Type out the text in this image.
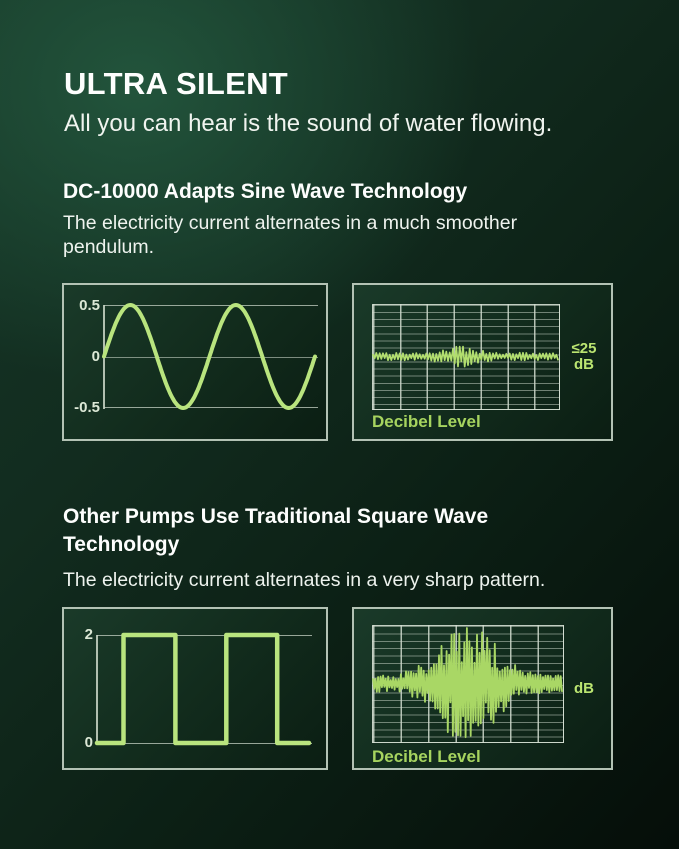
ULTRA SILENT

All you can hear is the sound of water flowing.

DC-10000 Adapts Sine Wave Technology

The electricity current alternates in a much smoother pendulum.

0.5
0
-0.5
≤25
dB
Decibel Level
Other Pumps Use Traditional Square Wave Technology

The electricity current alternates in a very sharp pattern.

2
0
dB
Decibel Level
